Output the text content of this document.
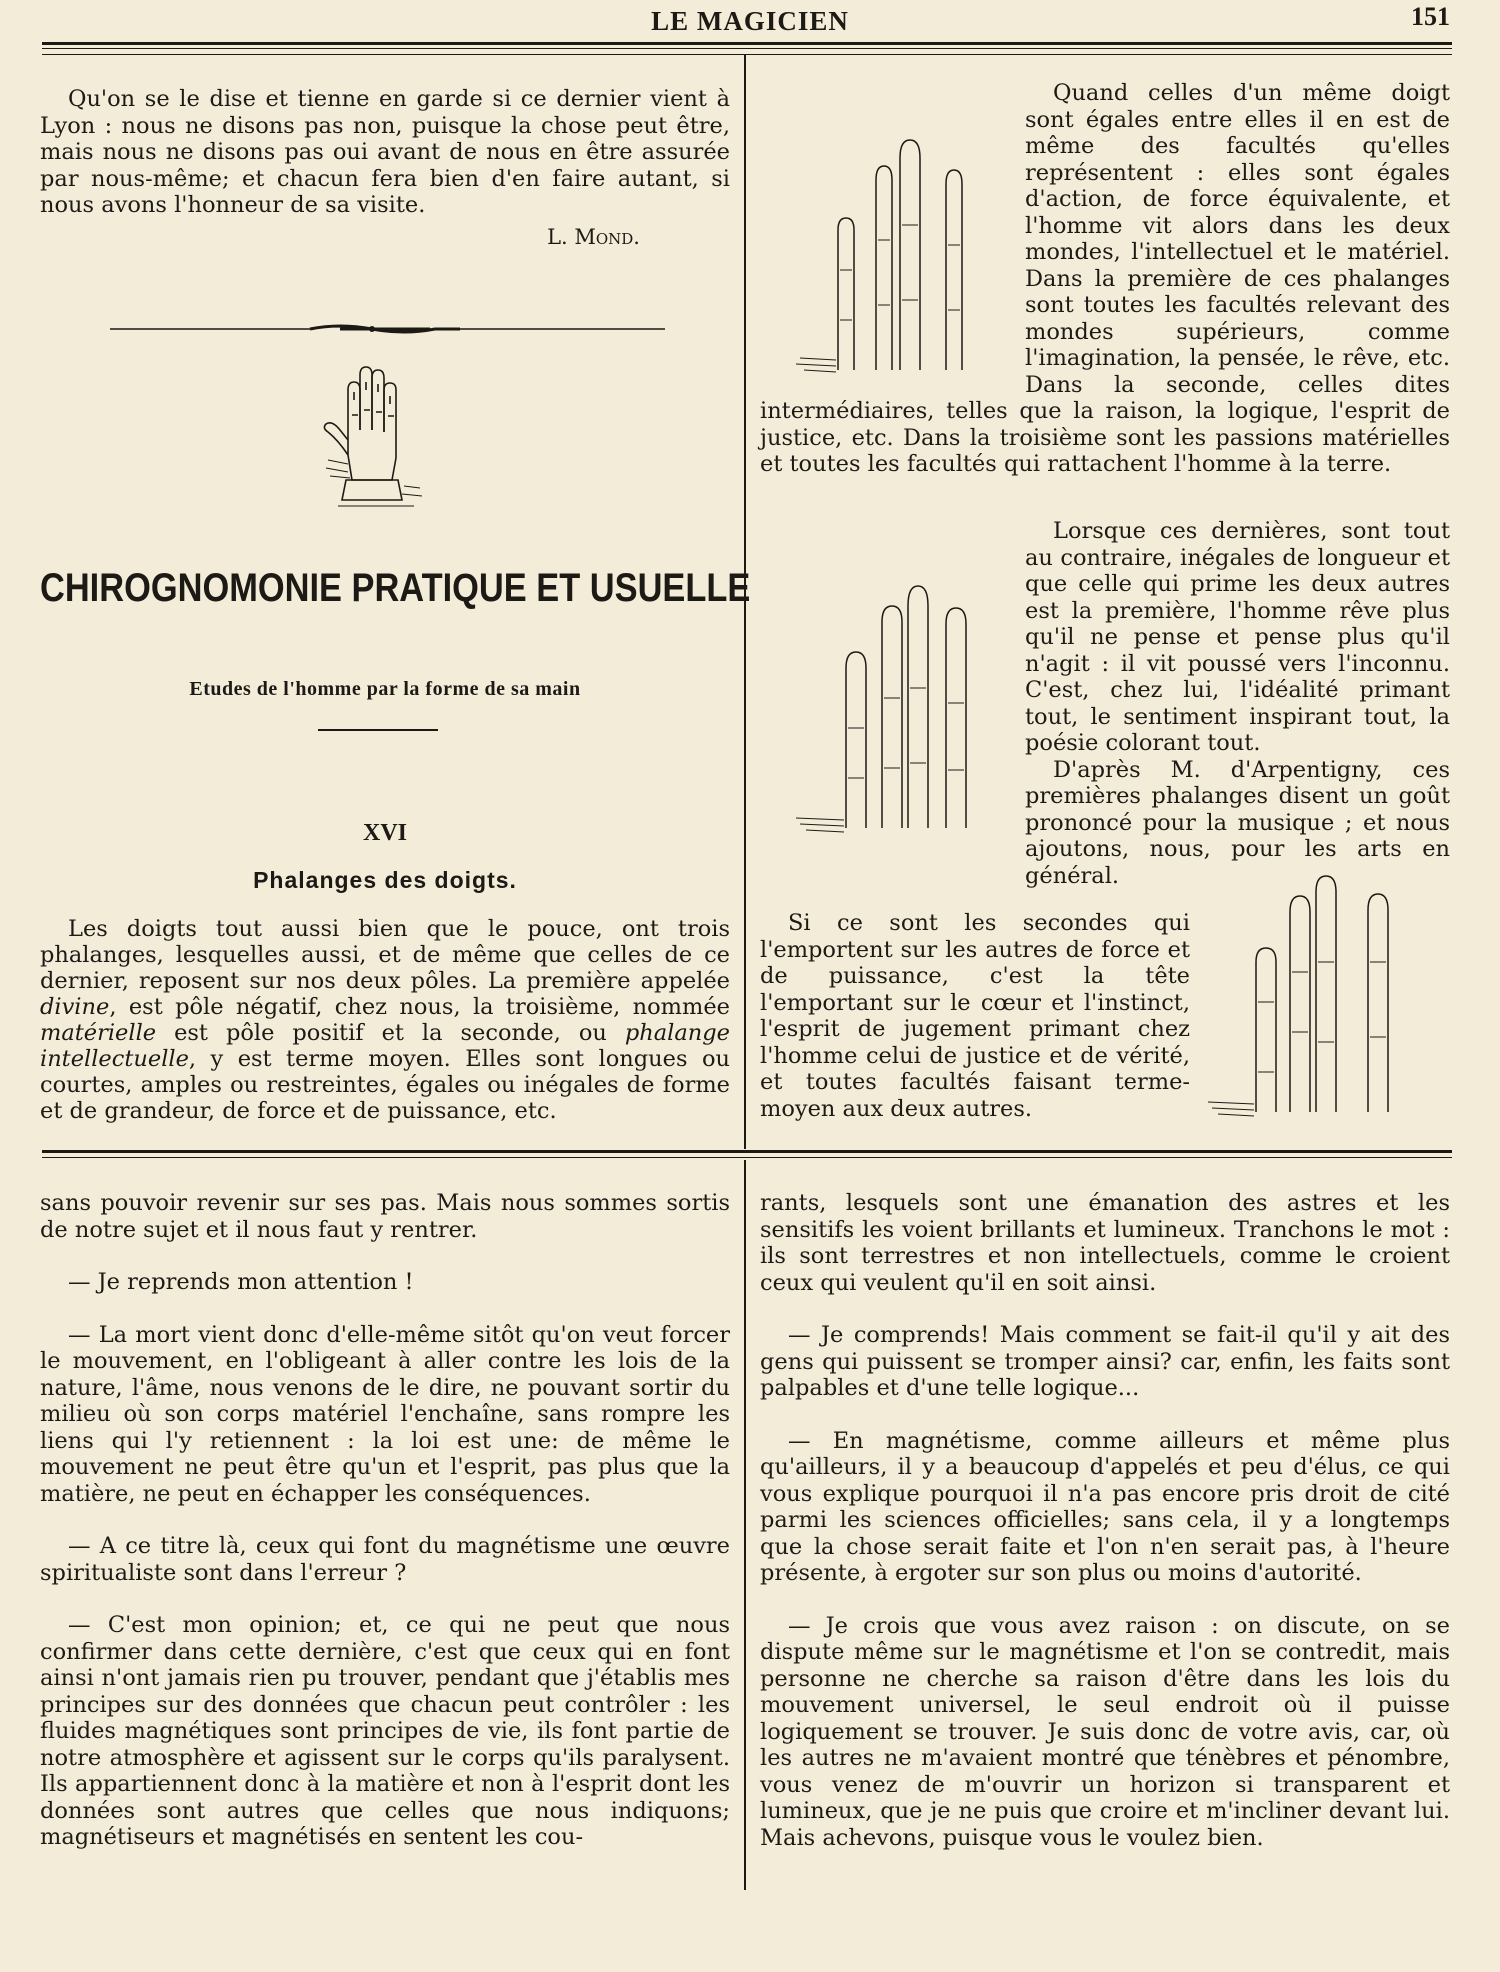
LE MAGICIEN	151

Qu'on se le dise et tienne en garde si ce dernier vient à Lyon : nous ne disons pas non, puisque la chose peut être, mais nous ne disons pas oui avant de nous en être assurée par nous-même; et chacun fera bien d'en faire autant, si nous avons l'honneur de sa visite.

L. Mond.
CHIROGNOMONIE PRATIQUE ET USUELLE
Etudes de l'homme par la forme de sa main
XVI
Phalanges des doigts.

Les doigts tout aussi bien que le pouce, ont trois phalanges, lesquelles aussi, et de même que celles de ce dernier, reposent sur nos deux pôles. La première appelée divine, est pôle négatif, chez nous, la troisième, nommée matérielle est pôle positif et la seconde, ou phalange intellectuelle, y est terme moyen. Elles sont longues ou courtes, amples ou restreintes, égales ou inégales de forme et de grandeur, de force et de puissance, etc.

Quand celles d'un même doigt sont égales entre elles il en est de même des facultés qu'elles représentent : elles sont égales d'action, de force équivalente, et l'homme vit alors dans les deux mondes, l'intellectuel et le matériel. Dans la première de ces phalanges sont toutes les facultés relevant des mondes supérieurs, comme l'imagination, la pensée, le rêve, etc. Dans la seconde, celles dites intermédiaires, telles que la raison, la logique, l'esprit de justice, etc. Dans la troisième sont les passions matérielles et toutes les facultés qui rattachent l'homme à la terre.

Lorsque ces dernières, sont tout au contraire, inégales de longueur et que celle qui prime les deux autres est la première, l'homme rêve plus qu'il ne pense et pense plus qu'il n'agit : il vit poussé vers l'inconnu. C'est, chez lui, l'idéalité primant tout, le sentiment inspirant tout, la poésie colorant tout.

D'après M. d'Arpentigny, ces premières phalanges disent un goût prononcé pour la musique ; et nous ajoutons, nous, pour les arts en général.

Si ce sont les secondes qui l'emportent sur les autres de force et de puissance, c'est la tête l'emportant sur le cœur et l'instinct, l'esprit de jugement primant chez l'homme celui de justice et de vérité, et toutes facultés faisant terme-moyen aux deux autres.

sans pouvoir revenir sur ses pas. Mais nous sommes sortis de notre sujet et il nous faut y rentrer.

— Je reprends mon attention !

— La mort vient donc d'elle-même sitôt qu'on veut forcer le mouvement, en l'obligeant à aller contre les lois de la nature, l'âme, nous venons de le dire, ne pouvant sortir du milieu où son corps matériel l'enchaîne, sans rompre les liens qui l'y retiennent : la loi est une: de même le mouvement ne peut être qu'un et l'esprit, pas plus que la matière, ne peut en échapper les conséquences.

— A ce titre là, ceux qui font du magnétisme une œuvre spiritualiste sont dans l'erreur ?

— C'est mon opinion; et, ce qui ne peut que nous confirmer dans cette dernière, c'est que ceux qui en font ainsi n'ont jamais rien pu trouver, pendant que j'établis mes principes sur des données que chacun peut contrôler : les fluides magnétiques sont principes de vie, ils font partie de notre atmosphère et agissent sur le corps qu'ils paralysent. Ils appartiennent donc à la matière et non à l'esprit dont les données sont autres que celles que nous indiquons; magnétiseurs et magnétisés en sentent les cou-

rants, lesquels sont une émanation des astres et les sensitifs les voient brillants et lumineux. Tranchons le mot : ils sont terrestres et non intellectuels, comme le croient ceux qui veulent qu'il en soit ainsi.

— Je comprends! Mais comment se fait-il qu'il y ait des gens qui puissent se tromper ainsi? car, enfin, les faits sont palpables et d'une telle logique...

— En magnétisme, comme ailleurs et même plus qu'ailleurs, il y a beaucoup d'appelés et peu d'élus, ce qui vous explique pourquoi il n'a pas encore pris droit de cité parmi les sciences officielles; sans cela, il y a longtemps que la chose serait faite et l'on n'en serait pas, à l'heure présente, à ergoter sur son plus ou moins d'autorité.

— Je crois que vous avez raison : on discute, on se dispute même sur le magnétisme et l'on se contredit, mais personne ne cherche sa raison d'être dans les lois du mouvement universel, le seul endroit où il puisse logiquement se trouver. Je suis donc de votre avis, car, où les autres ne m'avaient montré que ténèbres et pénombre, vous venez de m'ouvrir un horizon si transparent et lumineux, que je ne puis que croire et m'incliner devant lui. Mais achevons, puisque vous le voulez bien.
